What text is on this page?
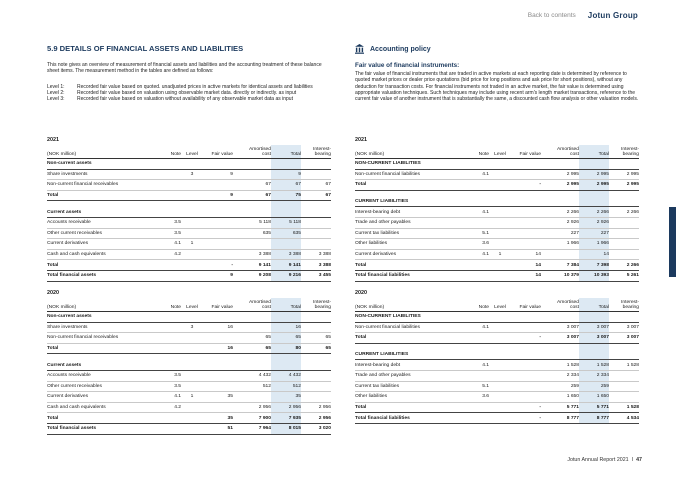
Back to contents Jotun Group
5.9 DETAILS OF FINANCIAL ASSETS AND LIABILITIES
This note gives an overview of measurement of financial assets and liabilities and the accounting treatment of these balance sheet items. The measurement method in the tables are defined as follows:
Level 1:	Recorded fair value based on quoted. unadjusted prices in active markets for identical assets and liabilities
Level 2:	Recorded fair value based on valuation using observable market data. directly or indirectly. as input
Level 3:	Recorded fair value based on valuation without availability of any observable market data as input
2021
(NOK million)	Note	Level	Fair value	Amortised
cost	Total	Interest-
bearing
Non-current assets						
Share investments		3	9		9	
Non-current financial receivables				67	67	67
Total			9	67	75	67

Current assets						
Accounts receivable	3.5			5 118	5 118	
Other current receivables	3.5			635	635	
Current derivatives	4.1	1				
Cash and cash equivalents	4.2			3 388	3 388	3 388
Total			-	9 141	9 141	3 388
Total financial assets			9	9 208	9 216	3 455
2020
(NOK million)	Note	Level	Fair value	Amortised
cost	Total	Interest-
bearing
Non-current assets						
Share investments		3	16		16	
Non-current financial receivables				65	65	65
Total			16	65	80	65

Current assets						
Accounts receivable	3.5			4 432	4 432	
Other current receivables	3.5			512	512	
Current derivatives	4.1	1	35		35	
Cash and cash equivalents	4.2			2 956	2 956	2 956
Total			35	7 900	7 935	2 956
Total financial assets			51	7 964	8 015	3 020
Accounting policy
Fair value of financial instruments:
The fair value of financial instruments that are traded in active markets at each reporting date is determined by reference to quoted market prices or dealer price quotations (bid price for long positions and ask price for short positions), without any deduction for transaction costs. For financial instruments not traded in an active market, the fair value is determined using appropriate valuation techniques. Such techniques may include using recent arm's length market transactions, reference to the current fair value of another instrument that is substantially the same, a discounted cash flow analysis or other valuation models.
2021
(NOK million)	Note	Level	Fair value	Amortised
cost	Total	Interest-
bearing
NON-CURRENT LIABILITIES						
Non-current financial liabilities	4.1			2 995	2 995	2 995
Total			-	2 995	2 995	2 995

CURRENT LIABILITIES						
Interest-bearing debt	4.1			2 266	2 266	2 266
Trade and other payables				2 926	2 926	
Current tax liabilities	5.1			227	227	
Other liabilities	3.6			1 966	1 966	
Current derivatives	4.1	1	14		14	
Total			14	7 384	7 398	2 266
Total financial liabilities			14	10 379	10 393	5 261
2020
(NOK million)	Note	Level	Fair value	Amortised
cost	Total	Interest-
bearing
NON-CURRENT LIABILITIES						
Non-current financial liabilities	4.1			3 007	3 007	3 007
Total			-	3 007	3 007	3 007

CURRENT LIABILITIES						
Interest-bearing debt	4.1			1 528	1 528	1 528
Trade and other payables				2 334	2 334	
Current tax liabilities	5.1			259	259	
Other liabilities	3.6			1 650	1 650	
Total			-	5 771	5 771	1 528
Total financial liabilities			-	8 777	8 777	4 534
Jotun Annual Report 2021 I 47
